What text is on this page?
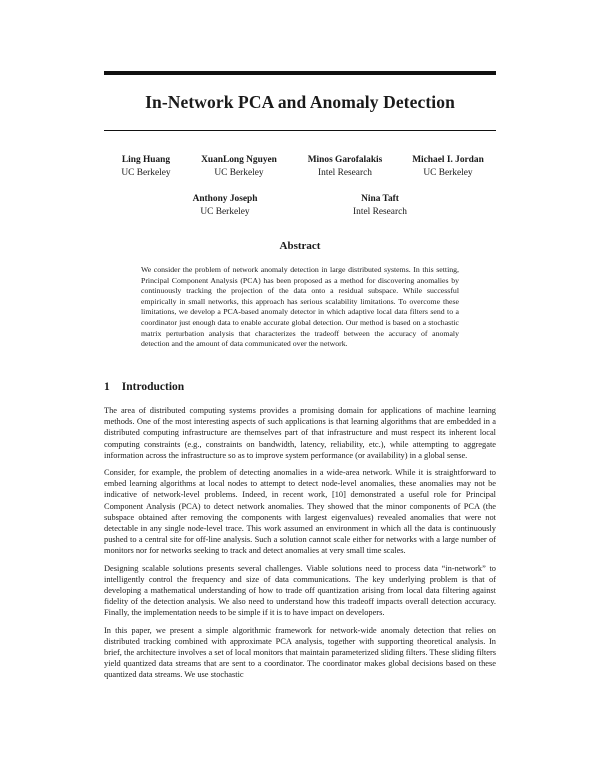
In-Network PCA and Anomaly Detection
Ling Huang
UC Berkeley
XuanLong Nguyen
UC Berkeley
Minos Garofalakis
Intel Research
Michael I. Jordan
UC Berkeley
Anthony Joseph
UC Berkeley
Nina Taft
Intel Research
Abstract

We consider the problem of network anomaly detection in large distributed systems. In this setting, Principal Component Analysis (PCA) has been proposed as a method for discovering anomalies by continuously tracking the projection of the data onto a residual subspace. While successful empirically in small networks, this approach has serious scalability limitations. To overcome these limitations, we develop a PCA-based anomaly detector in which adaptive local data filters send to a coordinator just enough data to enable accurate global detection. Our method is based on a stochastic matrix perturbation analysis that characterizes the tradeoff between the accuracy of anomaly detection and the amount of data communicated over the network.

1 Introduction

The area of distributed computing systems provides a promising domain for applications of machine learning methods. One of the most interesting aspects of such applications is that learning algorithms that are embedded in a distributed computing infrastructure are themselves part of that infrastructure and must respect its inherent local computing constraints (e.g., constraints on bandwidth, latency, reliability, etc.), while attempting to aggregate information across the infrastructure so as to improve system performance (or availability) in a global sense.

Consider, for example, the problem of detecting anomalies in a wide-area network. While it is straightforward to embed learning algorithms at local nodes to attempt to detect node-level anomalies, these anomalies may not be indicative of network-level problems. Indeed, in recent work, [10] demonstrated a useful role for Principal Component Analysis (PCA) to detect network anomalies. They showed that the minor components of PCA (the subspace obtained after removing the components with largest eigenvalues) revealed anomalies that were not detectable in any single node-level trace. This work assumed an environment in which all the data is continuously pushed to a central site for off-line analysis. Such a solution cannot scale either for networks with a large number of monitors nor for networks seeking to track and detect anomalies at very small time scales.

Designing scalable solutions presents several challenges. Viable solutions need to process data “in-network” to intelligently control the frequency and size of data communications. The key underlying problem is that of developing a mathematical understanding of how to trade off quantization arising from local data filtering against fidelity of the detection analysis. We also need to understand how this tradeoff impacts overall detection accuracy. Finally, the implementation needs to be simple if it is to have impact on developers.

In this paper, we present a simple algorithmic framework for network-wide anomaly detection that relies on distributed tracking combined with approximate PCA analysis, together with supporting theoretical analysis. In brief, the architecture involves a set of local monitors that maintain parameterized sliding filters. These sliding filters yield quantized data streams that are sent to a coordinator. The coordinator makes global decisions based on these quantized data streams. We use stochastic
